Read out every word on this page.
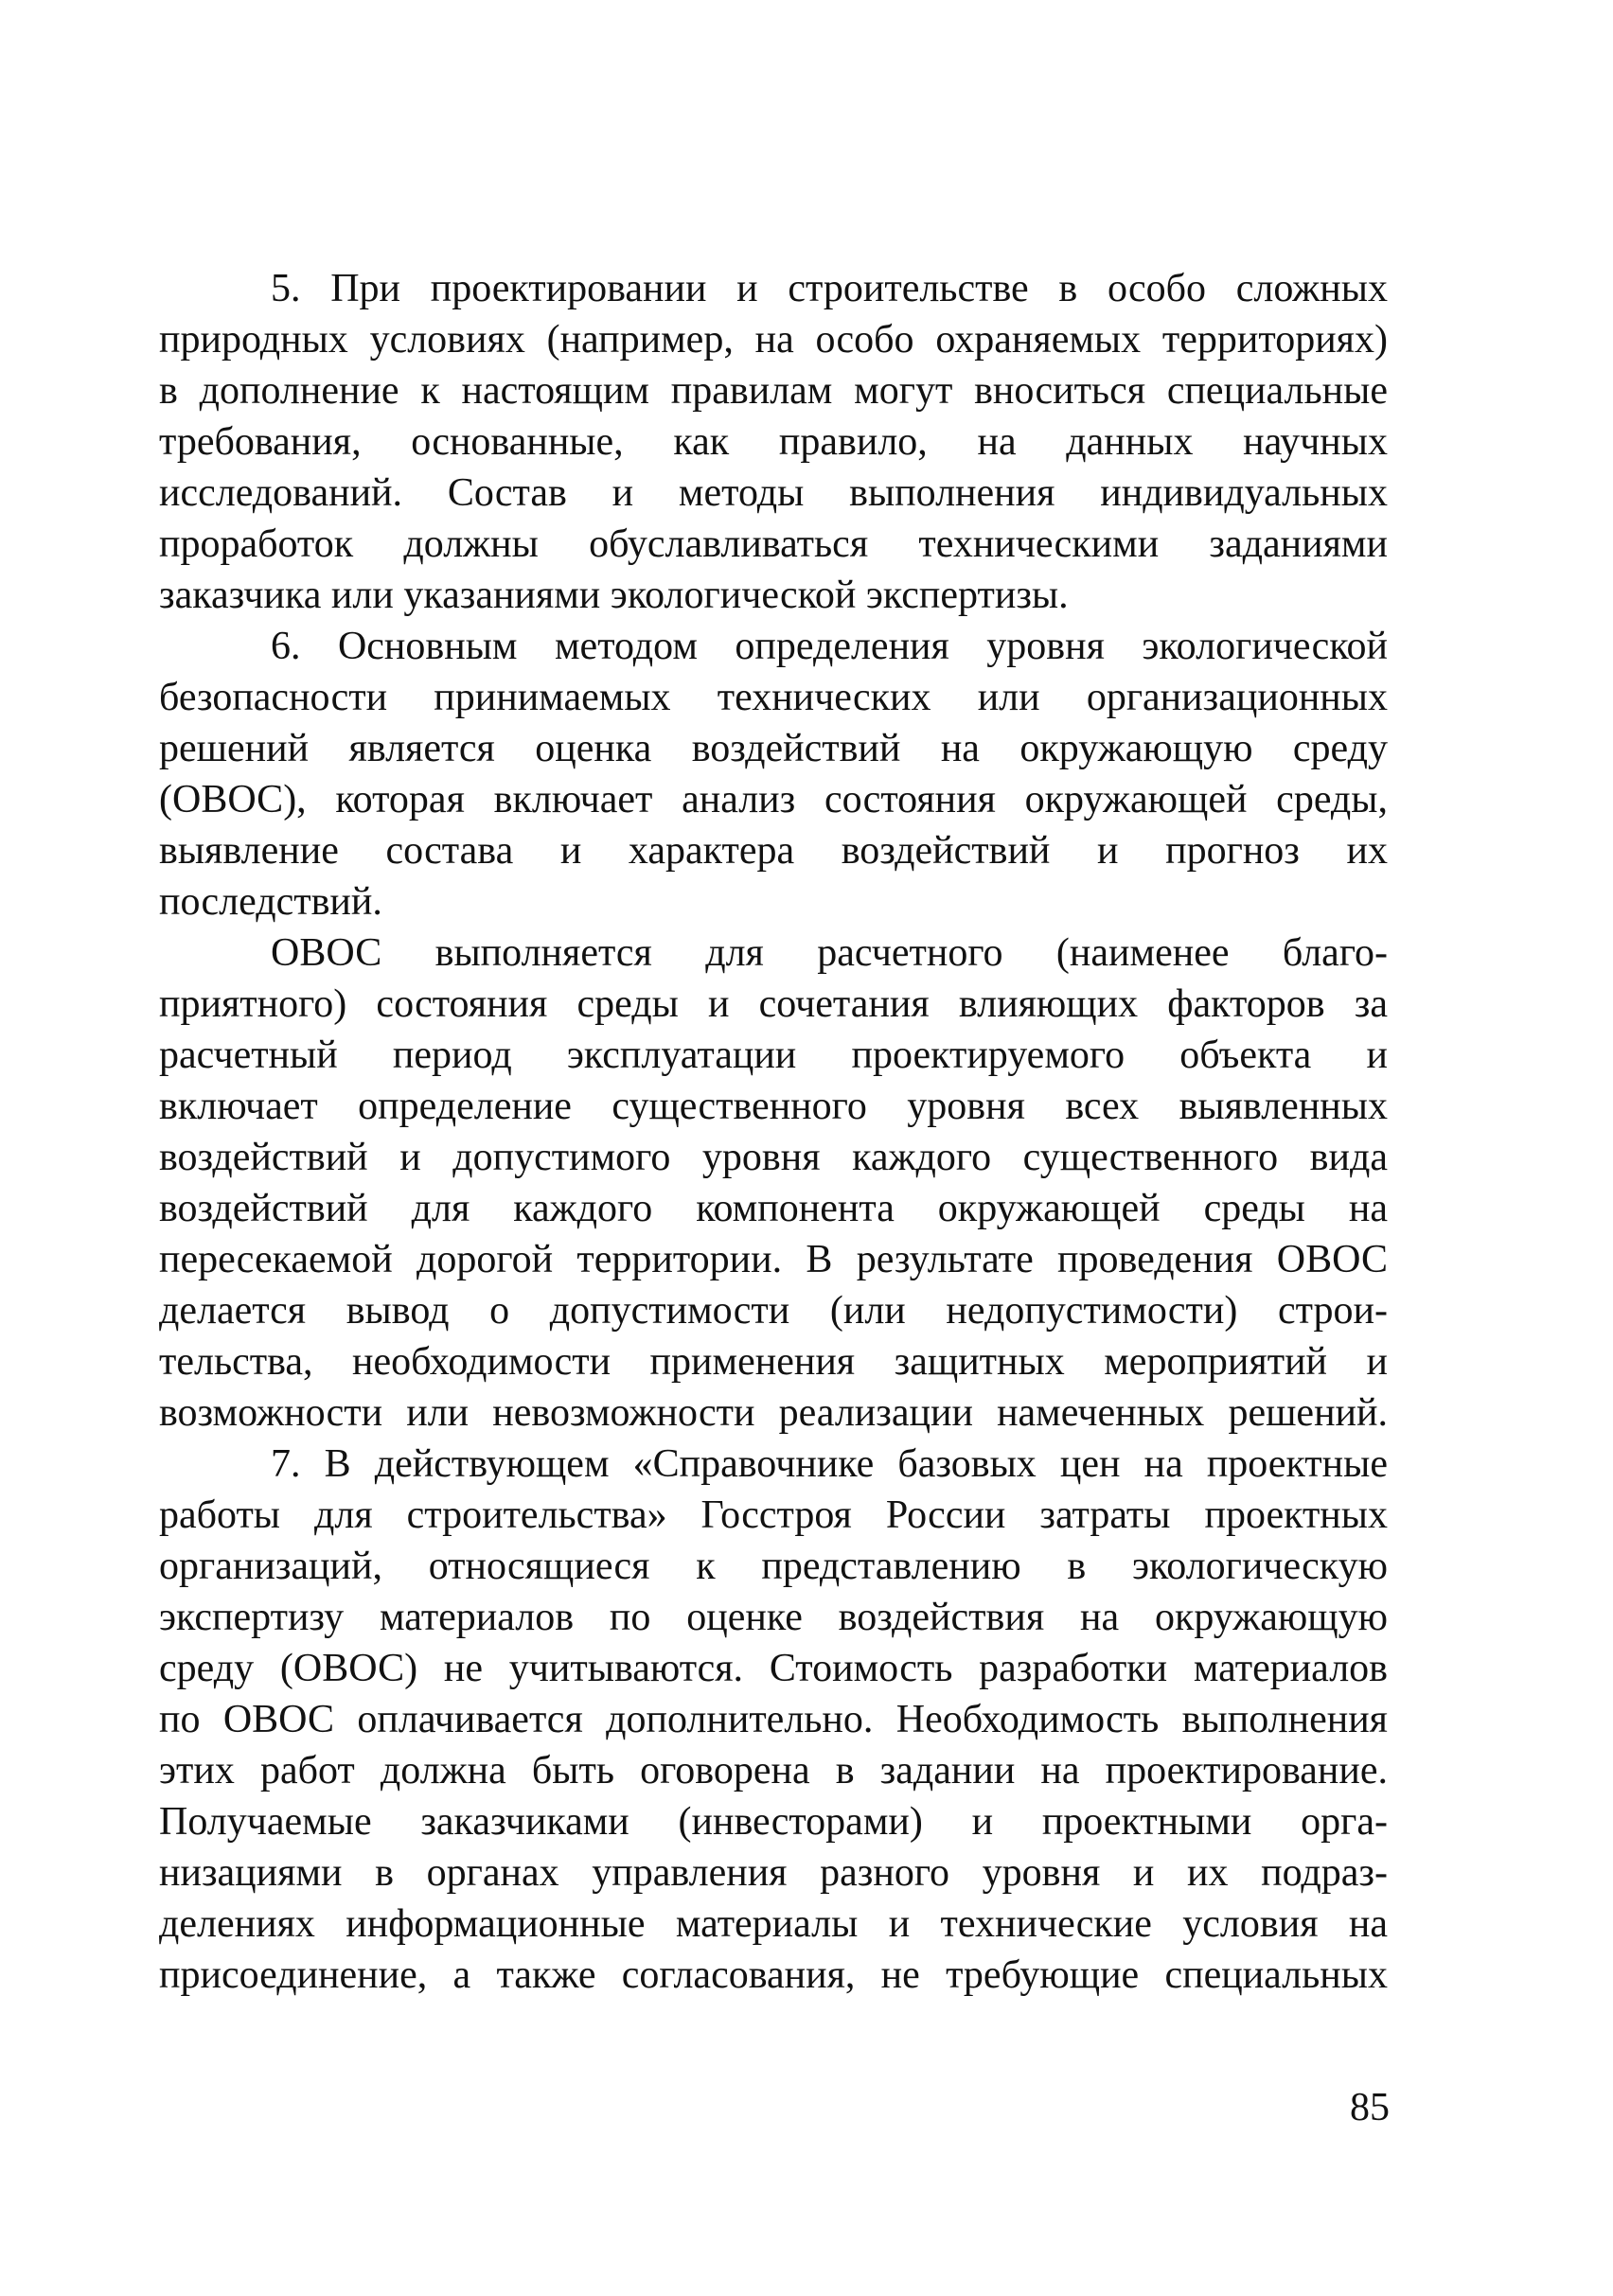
5. При проектировании и строительстве в особо сложных
природных условиях (например, на особо охраняемых территориях)
в дополнение к настоящим правилам могут вноситься специальные
требования, основанные, как правило, на данных научных
исследований. Состав и методы выполнения индивидуальных
проработок должны обуславливаться техническими заданиями
заказчика или указаниями экологической экспертизы.

6. Основным методом определения уровня экологической
безопасности принимаемых технических или организационных
решений является оценка воздействий на окружающую среду
(ОВОС), которая включает анализ состояния окружающей среды,
выявление состава и характера воздействий и прогноз их
последствий.

ОВОС выполняется для расчетного (наименее благо-
приятного) состояния среды и сочетания влияющих факторов за
расчетный период эксплуатации проектируемого объекта и
включает определение существенного уровня всех выявленных
воздействий и допустимого уровня каждого существенного вида
воздействий для каждого компонента окружающей среды на
пересекаемой дорогой территории. В результате проведения ОВОС
делается вывод о допустимости (или недопустимости) строи-
тельства, необходимости применения защитных мероприятий и
возможности или невозможности реализации намеченных решений.

7. В действующем «Справочнике базовых цен на проектные
работы для строительства» Госстроя России затраты проектных
организаций, относящиеся к представлению в экологическую
экспертизу материалов по оценке воздействия на окружающую
среду (ОВОС) не учитываются. Стоимость разработки материалов
по ОВОС оплачивается дополнительно. Необходимость выполнения
этих работ должна быть оговорена в задании на проектирование.
Получаемые заказчиками (инвесторами) и проектными орга-
низациями в органах управления разного уровня и их подраз-
делениях информационные материалы и технические условия на
присоединение, а также согласования, не требующие специальных

85
